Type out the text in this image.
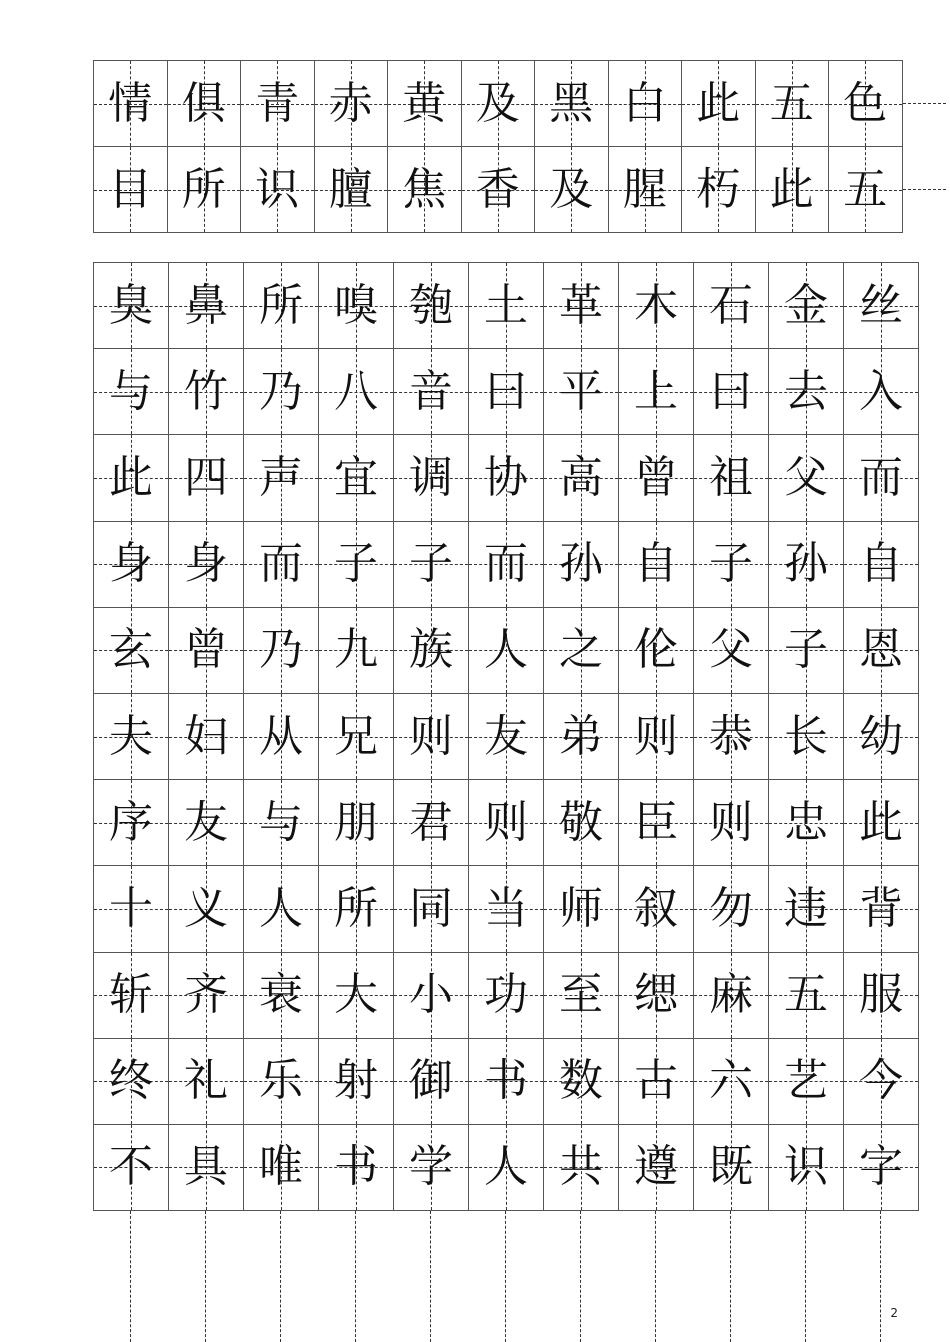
情 俱 青 赤 黄 及 黑 白 此 五 色
目 所 识 膻 焦 香 及 腥 朽 此 五
臭 鼻 所 嗅 匏 土 革 木 石 金 丝
与 竹 乃 八 音 曰 平 上 曰 去 入
此 四 声 宜 调 协 高 曾 祖 父 而
身 身 而 子 子 而 孙 自 子 孙 自
玄 曾 乃 九 族 人 之 伦 父 子 恩
夫 妇 从 兄 则 友 弟 则 恭 长 幼
序 友 与 朋 君 则 敬 臣 则 忠 此
十 义 人 所 同 当 师 叙 勿 违 背
斩 齐 衰 大 小 功 至 缌 麻 五 服
终 礼 乐 射 御 书 数 古 六 艺 今
不 具 唯 书 学 人 共 遵 既 识 字
2
